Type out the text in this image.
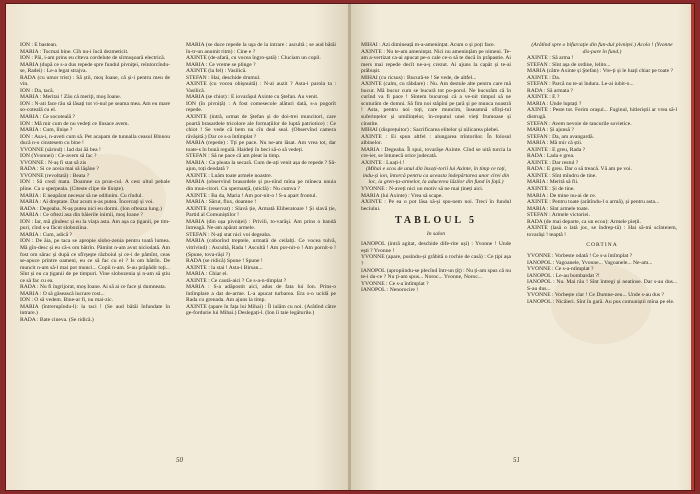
ION : E bastean.

MARIA : Tocmai bine. Cîh nu-i încă dezmeticit.

ION : Păi, i-am prins eu clteva cordelute de sîrmuşoară electrică.

MARIA (după ce s-a dus repede spre fundul pivniţei, reîntorcîndu-se, Radei) : Le-a legat strajva.

RADA (cu umor trist) : Să știi, moș Ioane, că și-i pentru meu de vin.

ION : Da, tacă.

MARIA : Meritai ! Zău că meriţi, moş Ioane.

ION : N-ati face rău să lăsați tot vi-nul pe seama mea. Am eu mare so-coteală cu el.

MARIA : Ce socoteală ?

ION : Mă mir cum de nu vedeți ce lînsace avem.

MARIA : Cum, lînișe ?

ION : Asa-i, n-aveti cum să. Pet acapam de tunnalla ceasul Blnnou ducă n-o cinstesem cu bine !

YVONNE (sărind) : Iad dai ăă bea !

ION (Yvonnei) : Ce-avem să fac ?

YVONNE : N-aș fi stat să zis

RADA : Si ce aceia mai să lăşăne ?

YVONNE (revoltată) : Beata ?

ION : Să crezi mata. Doamne ca prun-cul. A cest ultul pebale pline. Ca o sperpeala. (Citeste clipe de lîniște).

MARIA : E neapărat necesar să ne odihnim. Cu rîndul.

MARIA : Ai dreptate. Dar acum n-as putea. Încercați și voi.

RADA : Degeaba. N-aș putea nici eu dormi. (Ion ofteaza lung.)

MARIA : Ce oftezi asa din băierile inimii, moș Ioane ?

ION : Iar, mă gîndesc și eu la viața asta. Am așa ca țiganii, pe tim-puri, cînd s-a făcut sloboziina.

MARIA : Cum, adică ?

ION : De ăia, pe taca se apropie slobo-zenia pentru toată lumea. Mă gîn-desc și eu că-s om bătrîn. Pămînt n-am avut niciodată. Am fost om sărac și după ce sfîrşeşte războiul și ce-i de pămînt, ceas se-apuce printre oameni, eu ce să fac cu el ? Is om bătrîn. De muncit n-am să-l mai pot munci... Copii n-am. S-au prăpădit toţi... Sînt și eu ca țiganii de pe timpuri. Vine slobozenia și n-am să ştiu ce să fac cu ea.

RADA : Nu fi îngrijorat, moș Ioane. Ai să ai ce face și dumneata.

MARIA : O să găsească lucrare rost...

ION : O să vedem. Bine-ar fi, nu mai-zic.

MARIA (întrerupîndu-l): la taci ! (Se aud bătăi înfundate în intrare.)

RADA : Bate cineva. (Se ridică.)

MARIA (se duce repede la uşa de la intrare : ascultă ; se aud bătăi în-tr-un anumit ritm) : Cine e ?

AXINTE (de-afară, cu vocea îngro-șată) : Cluciam un copil.

MARIA : Ce vreme se plinge ?

AXINTE (la fel) : Vasilică.

STEFAN : Hai, deschide drumul.

AXINTE (cu vocea obișnuită) : N-ai auzit ? Asta-i parola ta : Vasilică.

MARIA (se chiot) : E iovarășul Axinte cu Ştefan. Au venit.

ION (în pivniță) : A fost comesecole alături dată, s-a pogorît repede.

AXINTE (intră, urmat de Ştefan și de doi-trei muncitori, care poartă brasardele tricolore ale formațiilor de luptă patriotice) : Ce chiot ! Se vede că bem nu cîn deal seal. (Observînd camera răvășită.) Dar ce s-a întîmplat ?

MARIA (repede) : Tți pe pace. Nu ne-am lăsat. Am vrea tot, dar toate-s în bună regulă. Haideți în beci să-o să vedeți.

STEFAN : Să ne pace că am pleat la timp.

MARIA : Ca pleata la secară. Cum de-ați venit așa de repede ? Să-ajun, toți deodată ?

AXINTE : Luăm toate armele noastre.

MARIA (observînd brasardele și pu-nînd mîna pe mîneca unuia din mun-citori. Cu spernanță, (sticlă) : Nu cumva ?

AXINTE : Ba da, Maria ! Am por-nit-o ! S-a apart frontul.

MARIA : Sărut, flux, doamne !

AXINTE (reservat) : Slavă ție, Armată Eliberatoare ! Și slavă ție, Partid al Comuniștilor !

MARIA (din ușa pivniței) : Privili, to-varăşi. Am prins o bandă întreagă. Ne-am apărat armele.

STEFAN : N-ați stat nici voi degeaba.

MARIA (coborînd treptele, urmată de ceilalți. Ce vocea tulvă, vitrivind) : Ascultă, Rada ! Ascultă ! Am por-nit-o ! Am pornit-o ! (Spune, tova-răși ?)

RADA (se ridică) Spune ! Spune !

AXINTE : la stai ! Asta-i Birsan...

MARIA : Chiar el.

AXINTE : Ce caută-aici ? Ce s-a-n-tîmplat ?

MARIA : S-a adăpostit aici, adus de fata lui Ion. Prins-o întîmplare a dat de-arme. L-a apucat turbarea. Era s-o ucidă pe Rada cu grenada. Am ajuns la timp.

AXINTE (apare în fața lui Mihai) : Îl iulăm cu noi. (Arătînd către ge-fordurie lui Mihai.) Deslegați-l. (Ion îi taie legăturile.)

50

MIHAI : Azi dimineață m-a-amenințat. Acum o și poți face.

AXINTE : Nu te-am amenințat. Nici nu amenințăm pe nimeni. Te-am a-vertizat ca-ai apucat pe-o cale ce-o să te ducă în prăpastie. Ai mers mai repede decît ne-a-ș crezut. Ai ajuns la capăt și te-ai prăbușit.

MIHAI (cu ricsus) : Bucură-te ! Se vede, de altfel...

AXINTE (calm, cu răbdare) : Nu. Am destule alte pentru care mă bucur. Mă bucur cum se bucură tot po-porul. Ne bucurăm că în curînd va fi pace ! Sîntem bucuroși că a ve-nit timpul să ne scuturăm de domni. Să fim noi stăpîni pe țară și pe munca noastră ! Asta, pentru noi toți, care muncim, înseamnă sfîrși-tul suferințelor și umilințelor, în-ceputul unei vieți frumoase și cinstite.

MIHAI (disprețuitor) : Sacrificarea elitelor și nilicarea plebei.

AXINTE : Ei spun altfel : alungarea trîntorilor. În folosul albinelor.

MARIA : Degeaba. Îi spui, tovarășe Axinte. Cînd se uită turcia la cre-ier, se întunecă orice judecată.

AXINTE : Luați-l !

(Mihai e scos de unul din însoți-torii lui Axinte, în timp ce toți, indu-și ion, întorcă pentru ca aceasta îndepărtarea unor cîrei din loc, ia gren-ța-armelor, la aducerea lăzilor din fund în față.)

YVONNE : N-aveți nici un motiv să ne mai țineți aici.

MARIA (lui Axinte) : Vrea să scape.

AXINTE : Pe ea o pot lăsa să-și spu-nem noi. Treci în fundul beciului.

TABLOUL 5

In salon

IANOPOL (intră agitat, deschide dife-rite uși) : Yvonne ! Unde ești ? Yvonne !

YVONNE (apare, pusîndu-și grăbită o rochie de casă) : Ce țipi așa ?

IANOPOL (apropiindu-se plecînd într-un țîț) : Nu ți-am spus că nu te-i du-ce ? Nu ți-am spus... Noroc... Yvonne, Noroc...

YVONNE : Ce s-a întîmplat ?

IANOPOL : Nenorocire !

(Arătînd spre o bifurcație din fun-dul pivniței.) Acolo ! (Yvonne dis-pare în fund.)

AXINTE : Să arma !

STEFAN : Sînt așa de ordine, lelito...

MARIA (către Axinte și Ştefan) : Vre-ți și le luați chiar pe toate ?

AXINTE : Da.

STEFAN : Parcă nu te-ai îndura. Le-ai iubit-o...

RADA : Să armata ?

AXINTE : E ?

MARIA : Unde luptați ?

AXINTE : Peste tot. Ferim oraşul... Fuginul, hitleriștii ar vrea să-l distrugă.

STEFAN : Avem nevoie de tancurile sovietice.

MARIA : Și ajunsă ?

STEFAN : Da, am avangardă.

MARIA : Mă mir că știi.

AXINTE : E greu, Rada ?

RADA : Lada e grea.

AXINTE : Dar restul ?

RADA : E greu. Dar o să treacă. Vă am pe voi.

AXINTE : Sînt mîndru de tine.

MARIA : Merită să fii.

AXINTE : Și de tine.

MARIA : De mine nu-ai de ce.

AXINTE : Pentru toate (arătîndu-l o armă), și pentru asta...

MARIA : Sînt armele toate.

STEFAN : Armele victoriei.

RADA (de mai departe, ca un ecou): Armele pieții.

AXINTE (lasă o lată joc, se îndrep-tă) : Hai să-mi scînteiem, tovarăși ! teaptă !

CORTINA

YVONNE : Vorbeste odată ! Ce s-a întîmplat ?

IANOPOL : Vagoanele, Yvonne... Vagoanele... Ne-am...

YVONNE : Ce s-a-ntîmplat ?

IANOPOL : Le-au bombardat ?!

IANOPOL : Nu. Mai rău ! Sînt întregi și neatinse. Dar s-au dus... S-au dus...

YVONNE : Vorbește clar ! Ce Dumne-zeu... Unde s-au dus ?

IANOPOL : Nicăieri. Sînt în gară. Au pus comuniștii mîna pe ele.

51
